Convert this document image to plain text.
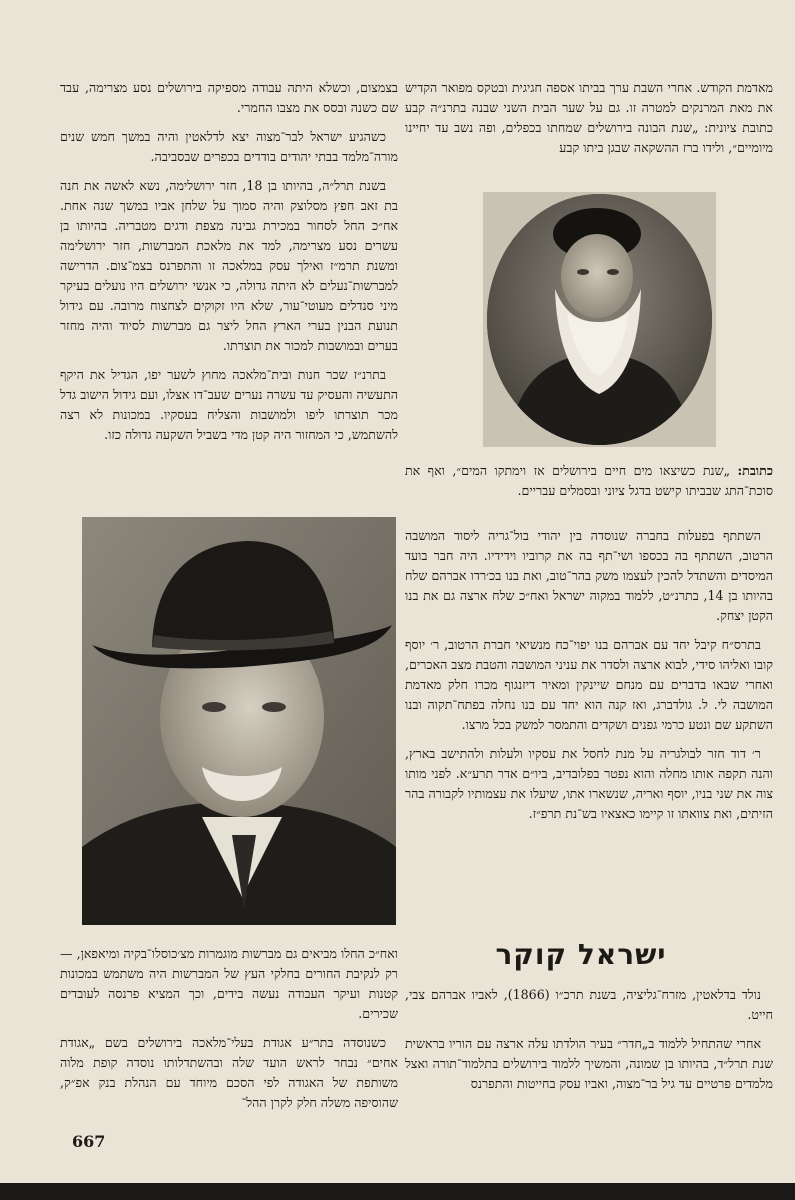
מאדמת הקודש. אחרי השבת ערך בביתו אספה חגיגית ובטקס מפואר הקדיש את מאת המרנקים למטרה זו. גם על שער הבית השני שבנה בתרנ״ה קבע כתובת ציונית: „שנת הבונה בירושלים שמחתו בכפלים, ופה נשב עד יחיינו מיומיים״, ולידו ברז ההשקאה שבגן ביתו קבע

כתובת: „שנת כשיצאו מים חיים בירושלים אז וימתקו המים״, ואף את סוכת־התג שבביתו קישט בדגל ציוני ובסמלים עבריים.

השתתף בפעלות בחברה שנוסדה בין יהודי בול־גריה ליסוד המושבה הרטוב, השתתף בה בכספו ושי־תף בה את קרוביו וידידיו. היה חבר בועד המיסדים והשתדל להכין לעצמו משק בהר־טוב, ואת בנו בכ׳רדו אברהם שלח בהיותו בן 14, בתרנ״ט, ללמוד במקוה ישראל ואח״כ שלח ארצה גם את בנו הקטן יצחק.

בתרס״ח קיבל יחד עם אברהם בנו יפוי־כח מנשיאי חברת הרטוב, ר׳ יוסף קובו ואליהו סידי, לבוא ארצה ולסדר את עניני המושבה והטבת מצב האכרים, ואחרי שבאו בדברים עם מנחם שיינקין ומאיר דיזנגוף מכרו חלק מאדמת המושבה לי. ל. גולדברג, ואז קנה הוא יחד עם בנו נחלה בפתח־תקוה ובנו השתקע שם ונטע כרמי גפנים ושקדים והתמסר למשק בכל מרצו.

ר׳ דוד חזר לבולגריה על מנת לחסל את עסקיו ולעלות ולהתישב בארץ, והנה תקפה אותו מחלה והוא נפטר בפלובדיב, ביו״ם אדר תרע״א. לפני מותו צוה את שני בניו, יוסף ואריה, שנשארו אתו, שיעלו את עצמותיו לקבורה בהר הזיתים, ואת צוואתו זו קיימו כאצאיו בש־נת תרפ״ז.

ישראל קוקר

נולד בדלאטין, מזרח־גליציה, בשנת תרכ״ו (1866), לאביו אברהם צבי, חייט.

אחרי שהתחיל ללמוד ב„חדר״ בעיר הולדתו עלה ארצה עם הוריו בראשית שנת תרל״ד, בהיותו בן שמונה, והמשיך ללמוד בירושלים בתלמוד־תורה ואצל מלמדים פרטיים עד גיל בר־מצוה, ואביו עסק בחייטות והתפרנס

בצמצום, וכשלא היתה עבודה מספיקה בירושלים נסע מצרימה, עבד שם כשנה ובסס את מצבו החמרי.

כשהגיע ישראל לבר־מצוה יצא לדלאטין והיה במשך חמש שנים מורה־מלמד בבתי יהודים בודדים בכפרים שבסביבה.

בשנת תרל״ה, בהיותו בן 18, חזר ירושלימה, נשא לאשה את חנה בת זאב חפץ מסלוצק והיה סמוך על שלחן אביו במשך שנה אחת. אח״כ החל לסחור במכירת גבינה מצפת ודגים מטבריה. בהיותו בן עשרים נסע מצרימה, למד את מלאכת המברשות, חזר ירושלימה ומשנת תרמ״ז ואילך עסק במלאכה זו והתפרנס בצמ־צום. הדרישה למברשות־נעלים לא היתה גדולה, כי אנשי ירושלים היו נועלים בעיקר מיני סנדלים מעוטי־עור, שלא היו זקוקים לצחצוח מרובה. עם גידול תנועת הבנין בערי הארץ החל ליצר גם מברשות לסיוד והיה מחזר בערים ובמושבות למכור את תוצרתו.

בתרנ״ז שכר חנות ובית־מלאכה מחוץ לשער יפו, הגדיל את היקף התעשיה והעסיק עד עשרה נערים שעב־דו אצלו, ועם גידול הישוב גדל מכר תוצרתו ליפו ולמושבות והצליח בעסקיו. במכונות לא רצה להשתמש, כי המחזור היה קטן מדי בשביל השקעה גדולה כזו.

ואח״כ החלו מביאים גם מברשות מוגמרות מצ׳כוסלו־בקיה ומיאפאן, — רק לנקיבת החורים בחלקי העץ של המברשות היה משתמש במכונות קטנות ועיקר העבודה נעשה בידים, וכך המציא פרנסה לעובדים שכירים.

כשנוסדה בתר״ע אגודת בעלי־מלאכה בירושלים בשם „אגודת אחים״ נבחר לראש הועד שלה ובהשתדלותו נוסדה קופת מלוה משותפת של האגודה לפי הסכם מיוחד עם הנהלת בנק אפ״ק, שהוסיפה משלה חלק לקרן ההל־

667
